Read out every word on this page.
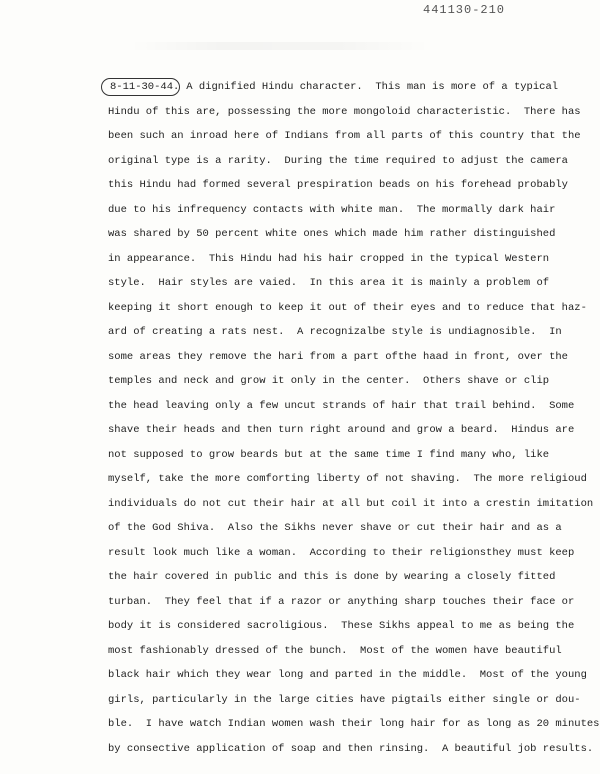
441130-210
8-11-30-44. A dignified Hindu character.  This man is more of a typical
Hindu of this are, possessing the more mongoloid characteristic.  There has
been such an inroad here of Indians from all parts of this country that the
original type is a rarity.  During the time required to adjust the camera
this Hindu had formed several prespiration beads on his forehead probably
due to his infrequency contacts with white man.  The mormally dark hair
was shared by 50 percent white ones which made him rather distinguished
in appearance.  This Hindu had his hair cropped in the typical Western
style.  Hair styles are vaied.  In this area it is mainly a problem of
keeping it short enough to keep it out of their eyes and to reduce that haz-
ard of creating a rats nest.  A recognizalbe style is undiagnosible.  In
some areas they remove the hari from a part ofthe haad in front, over the
temples and neck and grow it only in the center.  Others shave or clip
the head leaving only a few uncut strands of hair that trail behind.  Some
shave their heads and then turn right around and grow a beard.  Hindus are
not supposed to grow beards but at the same time I find many who, like
myself, take the more comforting liberty of not shaving.  The more religioud
individuals do not cut their hair at all but coil it into a crestin imitation
of the God Shiva.  Also the Sikhs never shave or cut their hair and as a
result look much like a woman.  According to their religionsthey must keep
the hair covered in public and this is done by wearing a closely fitted
turban.  They feel that if a razor or anything sharp touches their face or
body it is considered sacroligious.  These Sikhs appeal to me as being the
most fashionably dressed of the bunch.  Most of the women have beautiful
black hair which they wear long and parted in the middle.  Most of the young
girls, particularly in the large cities have pigtails either single or dou-
ble.  I have watch Indian women wash their long hair for as long as 20 minutes
by consective application of soap and then rinsing.  A beautiful job results.
